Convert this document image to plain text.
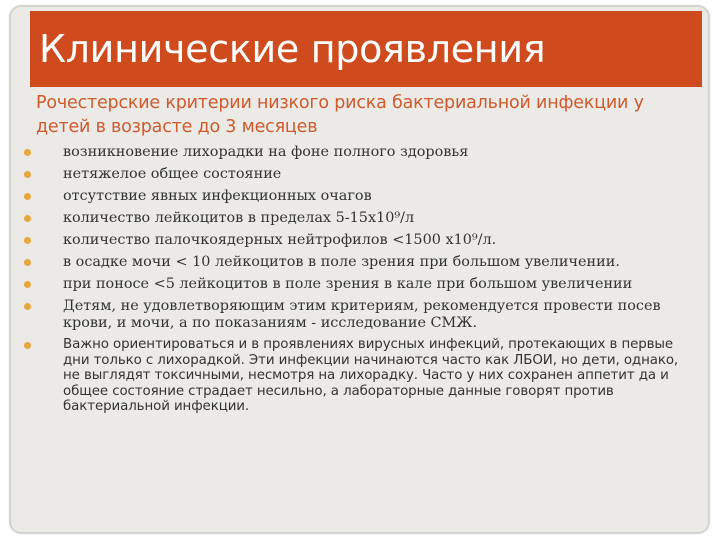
Клинические проявления
Рочестерские критерии низкого риска бактериальной инфекции у детей в возрасте до 3 месяцев
возникновение лихорадки на фоне полного здоровья
нетяжелое общее состояние
отсутствие явных инфекционных очагов
количество лейкоцитов в пределах 5-15х10⁹/л
количество палочкоядерных нейтрофилов <1500 х10⁹/л.
в осадке мочи < 10 лейкоцитов в поле зрения при большом увеличении.
при поносе <5 лейкоцитов в поле зрения в кале при большом увеличении
Детям, не удовлетворяющим этим критериям, рекомендуется провести посев крови, и мочи, а по показаниям - исследование СМЖ.
Важно ориентироваться и в проявлениях вирусных инфекций, протекающих в первые дни только с лихорадкой. Эти инфекции начинаются часто как ЛБОИ, но дети, однако, не выглядят токсичными, несмотря на лихорадку. Часто у них сохранен аппетит да и общее состояние страдает несильно, а лабораторные данные говорят против бактериальной инфекции.
